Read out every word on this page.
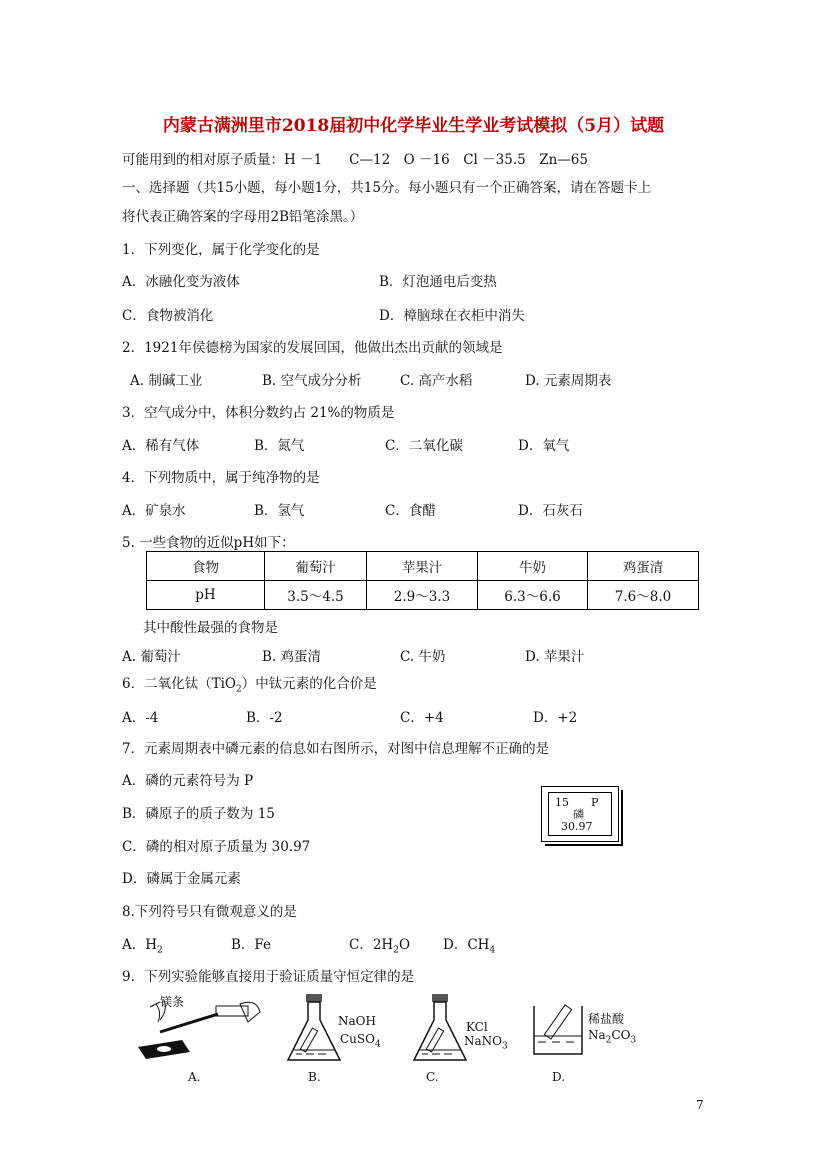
内蒙古满洲里市2018届初中化学毕业生学业考试模拟（5月）试题
可能用到的相对原子质量：H －1　　C—12　O －16　Cl －35.5　Zn—65
一、选择题（共15小题，每小题1分，共15分。每小题只有一个正确答案，请在答题卡上
将代表正确答案的字母用2B铅笔涂黑。）
1．下列变化，属于化学变化的是
A．冰融化变为液体	B．灯泡通电后变热
C．食物被消化	D．樟脑球在衣柜中消失
2．1921年侯德榜为国家的发展回国，他做出杰出贡献的领域是
A. 制碱工业	B. 空气成分分析	C. 高产水稻	D. 元素周期表
3．空气成分中，体积分数约占 21%的物质是
A．稀有气体	B．氮气	C．二氧化碳	D．氧气
4．下列物质中，属于纯净物的是
A．矿泉水	B．氢气	C．食醋	D．石灰石
5. 一些食物的近似pH如下：
食物	葡萄汁	苹果汁	牛奶	鸡蛋清
pH	3.5～4.5	2.9～3.3	6.3～6.6	7.6～8.0
其中酸性最强的食物是
A. 葡萄汁	B. 鸡蛋清	C. 牛奶	D. 苹果汁
6．二氧化钛（TiO$_2$）中钛元素的化合价是
A．-4	B．-2	C．+4	D．+2
7．元素周期表中磷元素的信息如右图所示，对图中信息理解不正确的是
A．磷的元素符号为 P
B．磷原子的质子数为 15
C．磷的相对原子质量为 30.97
D．磷属于金属元素
15 P
磷
30.97
8.下列符号只有微观意义的是
A．$H_2$	B．Fe	C．$2H_2O$ D．$CH_4$
9．下列实验能够直接用于验证质量守恒定律的是
镁条
A.
NaOH
CuSO$_4$
B.
KCl
NaNO$_3$
C.
稀盐酸
$Na_2CO_3$
D.
7
